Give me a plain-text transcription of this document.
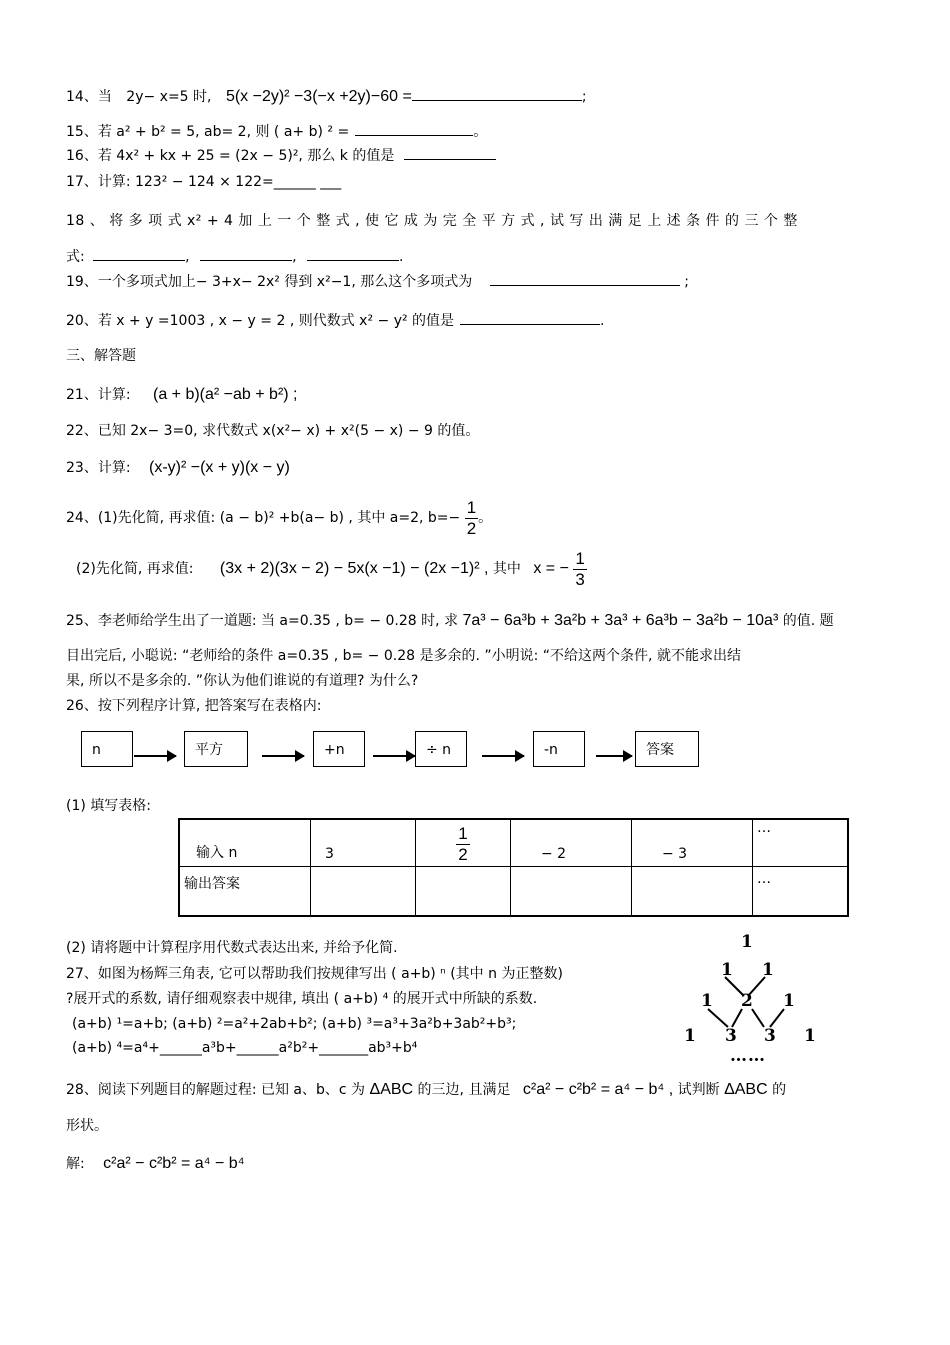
14、当 2y− x=5 时, 5(x −2y)² −3(−x +2y)−60 =	;
15、若 a² + b² = 5, ab= 2, 则 ( a+ b) ² =	。
16、若 4x² + kx + 25 = (2x − 5)², 那么 k 的值是
17、计算: 123² − 124 × 122=______ ___
18 、 将 多 项 式 x² + 4 加 上 一 个 整 式 , 使 它 成 为 完 全 平 方 式 , 试 写 出 满 足 上 述 条 件 的 三 个 整
式:	,	,	.
19、一个多项式加上− 3+x− 2x² 得到 x²−1, 那么这个多项式为	;
20、若 x + y =1003 , x − y = 2 , 则代数式 x² − y² 的值是	.
三、解答题
21、计算: (a + b)(a² −ab + b²) ;
22、已知 2x− 3=0, 求代数式 x(x²− x) + x²(5 − x) − 9 的值。
23、计算: (x-y)² −(x + y)(x − y)
24、(1)先化简, 再求值: (a − b)² +b(a− b) , 其中 a=2, $b=- \frac{1}{2}$ 。
(2)先化简, 再求值: (3x + 2)(3x − 2) − 5x(x −1) − (2x −1)² , 其中 x = − $\frac{1}{3}$
25、李老师给学生出了一道题: 当 a=0.35 , b= − 0.28 时, 求 7a³ − 6a³b + 3a²b + 3a³ + 6a³b − 3a²b − 10a³ 的值. 题
目出完后, 小聪说: “老师给的条件 a=0.35 , b= − 0.28 是多余的. ”小明说: “不给这两个条件, 就不能求出结
果, 所以不是多余的. ”你认为他们谁说的有道理? 为什么?
26、按下列程序计算, 把答案写在表格内:
n	平方	+n	÷ n	-n	答案
(1) 填写表格:
输入 n	3	$\frac{1}{2}$	− 2	− 3	…
输出答案					…
(2) 请将题中计算程序用代数式表达出来, 并给予化简.
27、如图为杨辉三角表, 它可以帮助我们按规律写出 ( a+b) ⁿ (其中 n 为正整数)
?展开式的系数, 请仔细观察表中规律, 填出 ( a+b) ⁴ 的展开式中所缺的系数.
(a+b) ¹=a+b; (a+b) ²=a²+2ab+b²; (a+b) ³=a³+3a²b+3ab²+b³;
(a+b) ⁴=a⁴+______a³b+______a²b²+_______ab³+b⁴
1
1 1
1 2 1
1 3 3 1
……
28、阅读下列题目的解题过程: 已知 a、b、c 为 ΔABC 的三边, 且满足 c²a² − c²b² = a⁴ − b⁴ , 试判断 ΔABC 的
形状。
解: c²a² − c²b² = a⁴ − b⁴
